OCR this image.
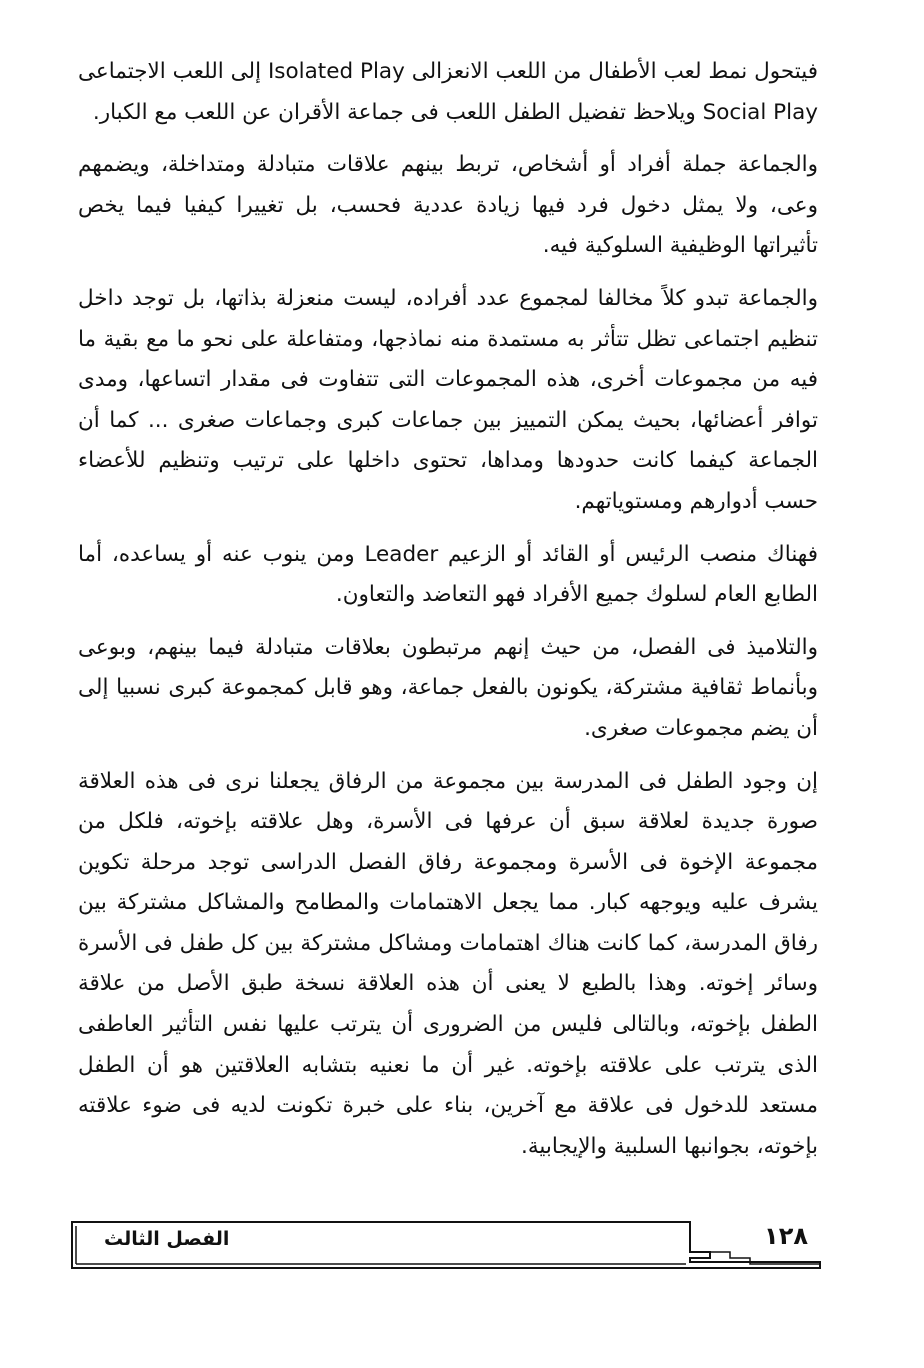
فيتحول نمط لعب الأطفال من اللعب الانعزالى Isolated Play إلى اللعب الاجتماعى Social Play ويلاحظ تفضيل الطفل اللعب فى جماعة الأقران عن اللعب مع الكبار.

والجماعة جملة أفراد أو أشخاص، تربط بينهم علاقات متبادلة ومتداخلة، ويضمهم وعى، ولا يمثل دخول فرد فيها زيادة عددية فحسب، بل تغييرا كيفيا فيما يخص تأثيراتها الوظيفية السلوكية فيه.

والجماعة تبدو كلاً مخالفا لمجموع عدد أفراده، ليست منعزلة بذاتها، بل توجد داخل تنظيم اجتماعى تظل تتأثر به مستمدة منه نماذجها، ومتفاعلة على نحو ما مع بقية ما فيه من مجموعات أخرى، هذه المجموعات التى تتفاوت فى مقدار اتساعها، ومدى توافر أعضائها، بحيث يمكن التمييز بين جماعات كبرى وجماعات صغرى ... كما أن الجماعة كيفما كانت حدودها ومداها، تحتوى داخلها على ترتيب وتنظيم للأعضاء حسب أدوارهم ومستوياتهم.

فهناك منصب الرئيس أو القائد أو الزعيم Leader ومن ينوب عنه أو يساعده، أما الطابع العام لسلوك جميع الأفراد فهو التعاضد والتعاون.

والتلاميذ فى الفصل، من حيث إنهم مرتبطون بعلاقات متبادلة فيما بينهم، وبوعى وبأنماط ثقافية مشتركة، يكونون بالفعل جماعة، وهو قابل كمجموعة كبرى نسبيا إلى أن يضم مجموعات صغرى.

إن وجود الطفل فى المدرسة بين مجموعة من الرفاق يجعلنا نرى فى هذه العلاقة صورة جديدة لعلاقة سبق أن عرفها فى الأسرة، وهل علاقته بإخوته، فلكل من مجموعة الإخوة فى الأسرة ومجموعة رفاق الفصل الدراسى توجد مرحلة تكوين يشرف عليه ويوجهه كبار. مما يجعل الاهتمامات والمطامح والمشاكل مشتركة بين رفاق المدرسة، كما كانت هناك اهتمامات ومشاكل مشتركة بين كل طفل فى الأسرة وسائر إخوته. وهذا بالطبع لا يعنى أن هذه العلاقة نسخة طبق الأصل من علاقة الطفل بإخوته، وبالتالى فليس من الضرورى أن يترتب عليها نفس التأثير العاطفى الذى يترتب على علاقته بإخوته. غير أن ما نعنيه بتشابه العلاقتين هو أن الطفل مستعد للدخول فى علاقة مع آخرين، بناء على خبرة تكونت لديه فى ضوء علاقته بإخوته، بجوانبها السلبية والإيجابية.

١٢٨
الفصل الثالث
